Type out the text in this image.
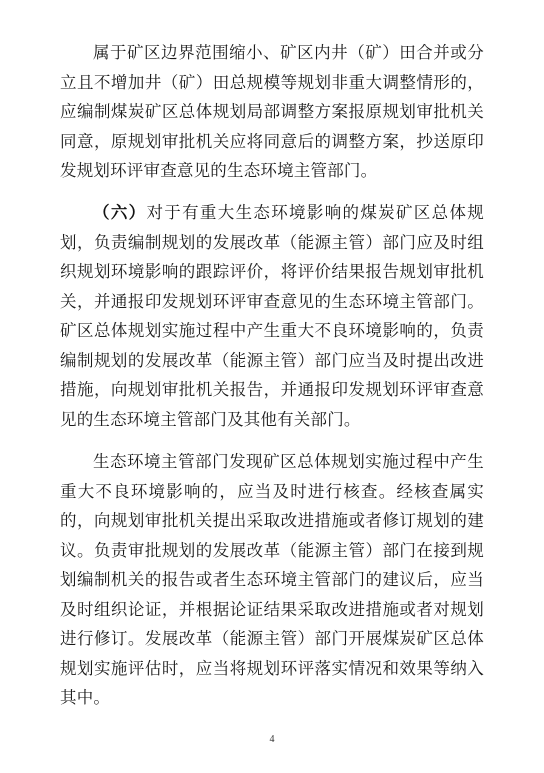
属于矿区边界范围缩小、矿区内井（矿）田合并或分立且不增加井（矿）田总规模等规划非重大调整情形的，应编制煤炭矿区总体规划局部调整方案报原规划审批机关同意，原规划审批机关应将同意后的调整方案，抄送原印发规划环评审查意见的生态环境主管部门。

（六）对于有重大生态环境影响的煤炭矿区总体规划，负责编制规划的发展改革（能源主管）部门应及时组织规划环境影响的跟踪评价，将评价结果报告规划审批机关，并通报印发规划环评审查意见的生态环境主管部门。矿区总体规划实施过程中产生重大不良环境影响的，负责编制规划的发展改革（能源主管）部门应当及时提出改进措施，向规划审批机关报告，并通报印发规划环评审查意见的生态环境主管部门及其他有关部门。

生态环境主管部门发现矿区总体规划实施过程中产生重大不良环境影响的，应当及时进行核查。经核查属实的，向规划审批机关提出采取改进措施或者修订规划的建议。负责审批规划的发展改革（能源主管）部门在接到规划编制机关的报告或者生态环境主管部门的建议后，应当及时组织论证，并根据论证结果采取改进措施或者对规划进行修订。发展改革（能源主管）部门开展煤炭矿区总体规划实施评估时，应当将规划环评落实情况和效果等纳入其中。

4
